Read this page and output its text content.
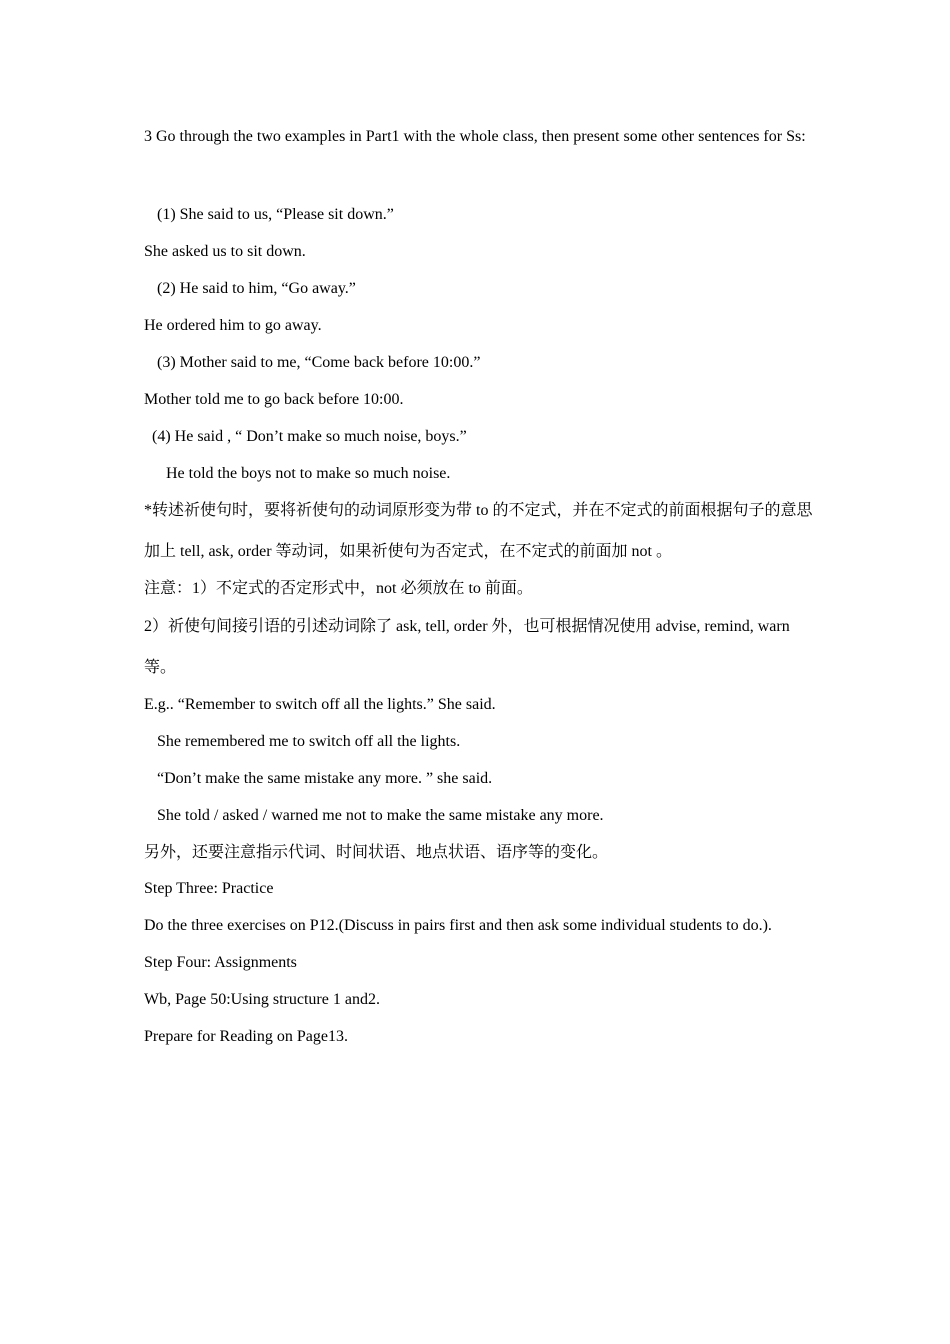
3 Go through the two examples in Part1 with the whole class, then present some other sentences for Ss:
(1) She said to us, “Please sit down.”
She asked us to sit down.
(2) He said to him, “Go away.”
He ordered him to go away.
(3) Mother said to me, “Come back before 10:00.”
Mother told me to go back before 10:00.
(4) He said , “ Don’t make so much noise, boys.”
He told the boys not to make so much noise.
*转述祈使句时，要将祈使句的动词原形变为带 to 的不定式，并在不定式的前面根据句子的意思加上 tell, ask, order 等动词，如果祈使句为否定式，在不定式的前面加 not 。
注意：1）不定式的否定形式中，not 必须放在 to 前面。
2）祈使句间接引语的引述动词除了 ask, tell, order 外，也可根据情况使用 advise, remind, warn 等。
E.g.. “Remember to switch off all the lights.” She said.
She remembered me to switch off all the lights.
“Don’t make the same mistake any more. ” she said.
She told / asked / warned me not to make the same mistake any more.
另外，还要注意指示代词、时间状语、地点状语、语序等的变化。
Step Three: Practice
Do the three exercises on P12.(Discuss in pairs first and then ask some individual students to do.).
Step Four: Assignments
Wb, Page 50:Using structure 1 and2.
Prepare for Reading on Page13.
